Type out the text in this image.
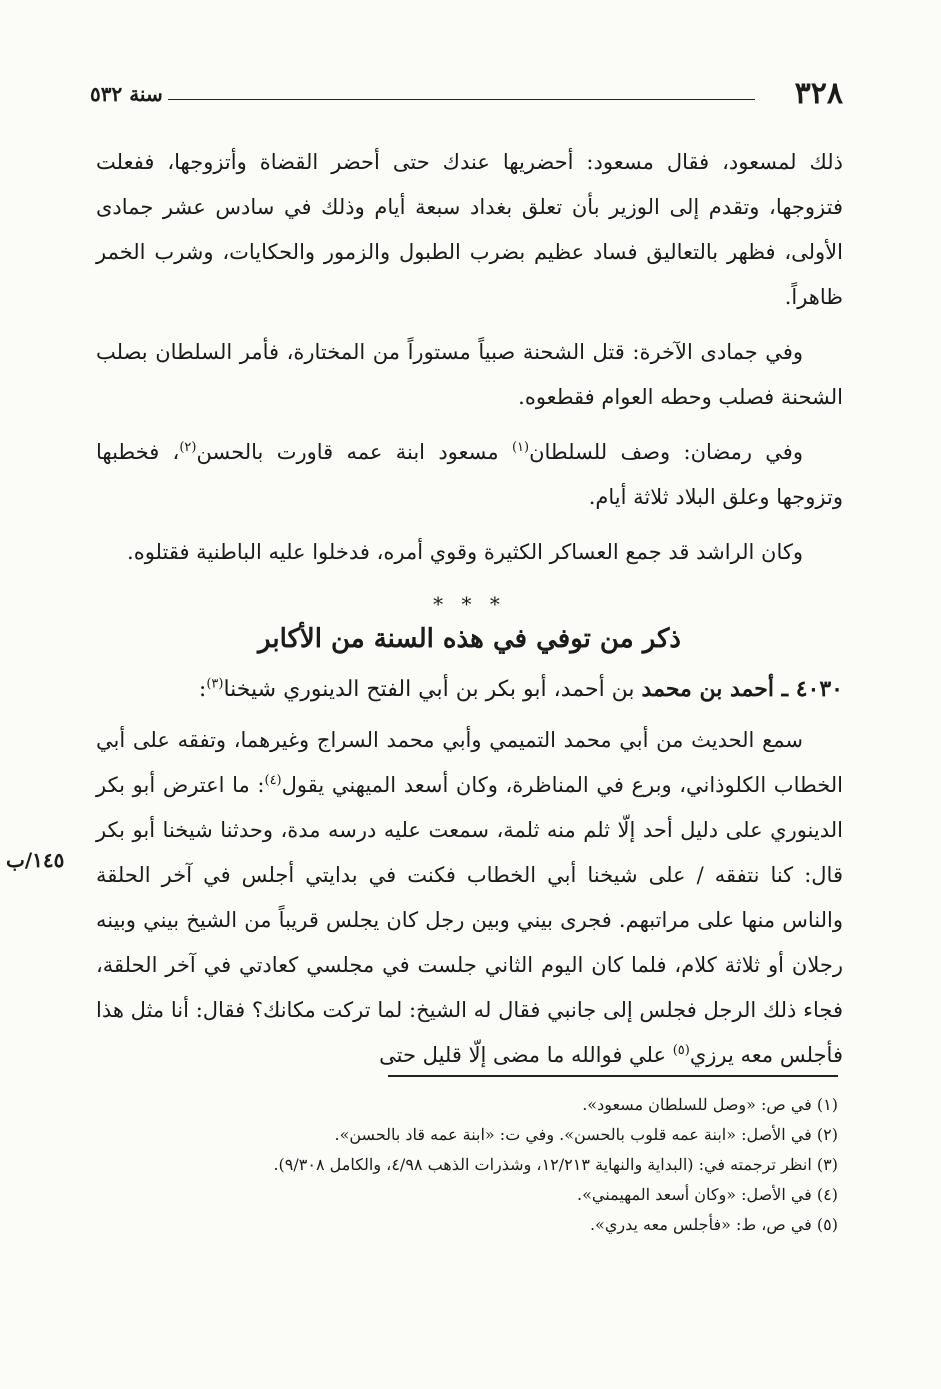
٣٢٨
سنة ٥٣٢

ذلك لمسعود، فقال مسعود: أحضريها عندك حتى أحضر القضاة وأتزوجها، ففعلت فتزوجها، وتقدم إلى الوزير بأن تعلق بغداد سبعة أيام وذلك في سادس عشر جمادى الأولى، فظهر بالتعاليق فساد عظيم بضرب الطبول والزمور والحكايات، وشرب الخمر ظاهراً.

وفي جمادى الآخرة: قتل الشحنة صبياً مستوراً من المختارة، فأمر السلطان بصلب الشحنة فصلب وحطه العوام فقطعوه.

وفي رمضان: وصف للسلطان$^{(١)}$ مسعود ابنة عمه قاورت بالحسن$^{(٢)}$، فخطبها وتزوجها وعلق البلاد ثلاثة أيام.

وكان الراشد قد جمع العساكر الكثيرة وقوي أمره، فدخلوا عليه الباطنية فقتلوه.

* * *

ذكر من توفي في هذه السنة من الأكابر

٤٠٣٠ ـ أحمد بن محمد بن أحمد، أبو بكر بن أبي الفتح الدينوري شيخنا$^{(٣)}$:

سمع الحديث من أبي محمد التميمي وأبي محمد السراج وغيرهما، وتفقه على أبي الخطاب الكلوذاني، وبرع في المناظرة، وكان أسعد الميهني يقول$^{(٤)}$: ما اعترض أبو بكر الدينوري على دليل أحد إلّا ثلم منه ثلمة، سمعت عليه درسه مدة، وحدثنا شيخنا أبو بكر قال: كنا نتفقه / على شيخنا أبي الخطاب فكنت في بدايتي أجلس في آخر الحلقة والناس منها على مراتبهم. فجرى بيني وبين رجل كان يجلس قريباً من الشيخ بيني وبينه رجلان أو ثلاثة كلام، فلما كان اليوم الثاني جلست في مجلسي كعادتي في آخر الحلقة، فجاء ذلك الرجل فجلس إلى جانبي فقال له الشيخ: لما تركت مكانك؟ فقال: أنا مثل هذا فأجلس معه يرزي$^{(٥)}$ علي فوالله ما مضى إلّا قليل حتى

١٤٥/ب

(١) في ص: «وصل للسلطان مسعود».

(٢) في الأصل: «ابنة عمه قلوب بالحسن». وفي ت: «ابنة عمه قاد بالحسن».

(٣) انظر ترجمته في: (البداية والنهاية ١٢/٢١٣، وشذرات الذهب ٤/٩٨، والكامل ٩/٣٠٨).

(٤) في الأصل: «وكان أسعد المهيمني».

(٥) في ص، ط: «فأجلس معه يدري».
